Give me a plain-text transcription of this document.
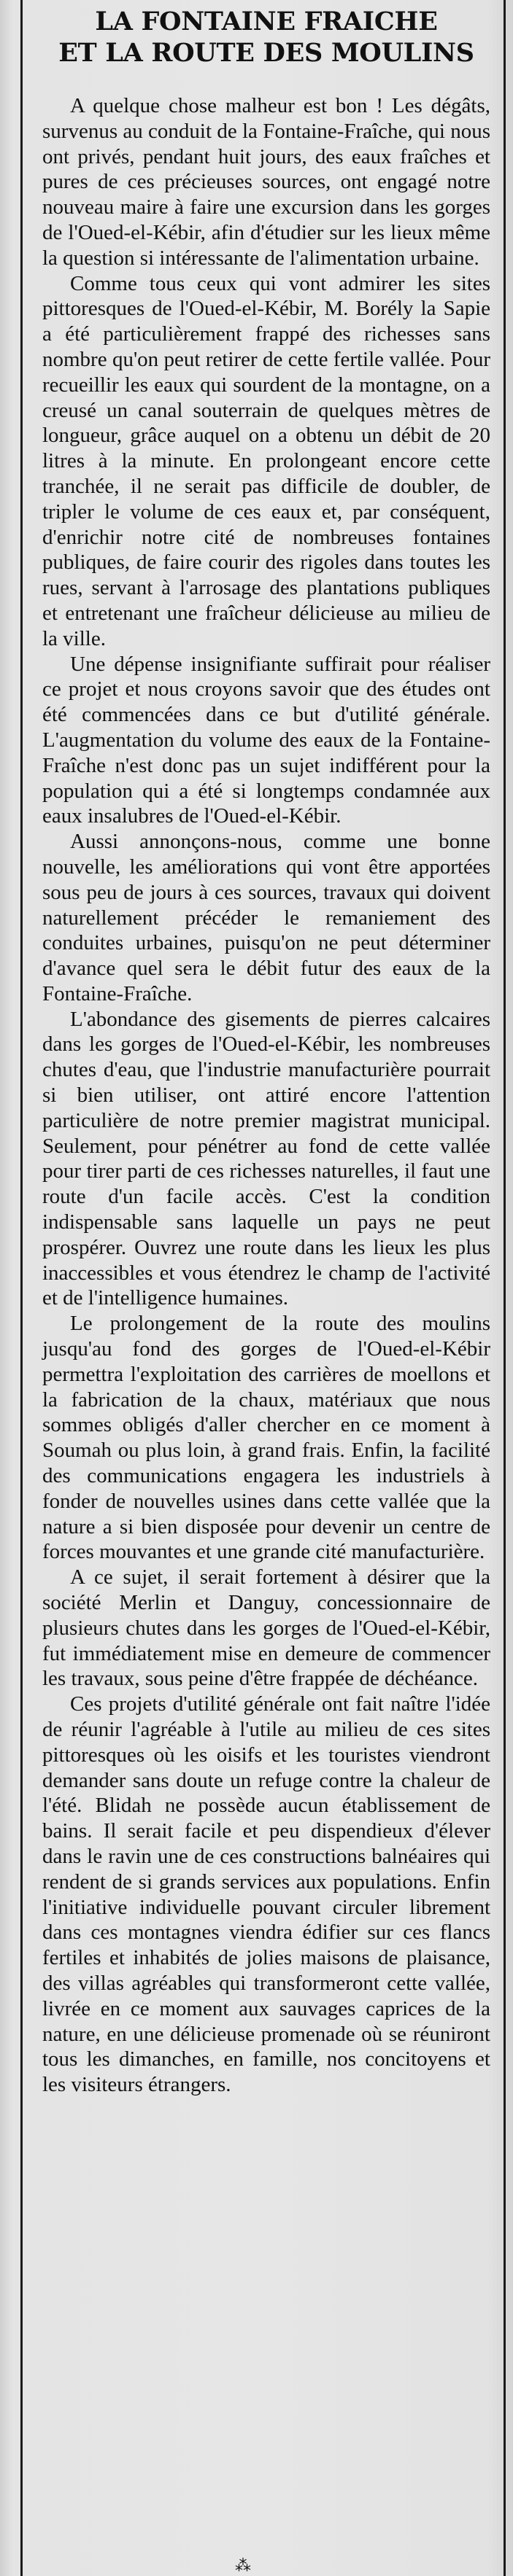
LA FONTAINE FRAICHE
ET LA ROUTE DES MOULINS

A quelque chose malheur est bon ! Les dégâts, survenus au conduit de la Fontaine-Fraîche, qui nous ont privés, pendant huit jours, des eaux fraîches et pures de ces précieuses sources, ont engagé notre nouveau maire à faire une excursion dans les gorges de l'Oued-el-Kébir, afin d'étudier sur les lieux même la question si intéressante de l'alimentation urbaine.

Comme tous ceux qui vont admirer les sites pittoresques de l'Oued-el-Kébir, M. Borély la Sapie a été particulièrement frappé des richesses sans nombre qu'on peut retirer de cette fertile vallée. Pour recueillir les eaux qui sourdent de la montagne, on a creusé un canal souterrain de quelques mètres de longueur, grâce auquel on a obtenu un débit de 20 litres à la minute. En prolongeant encore cette tranchée, il ne serait pas difficile de doubler, de tripler le volume de ces eaux et, par conséquent, d'enrichir notre cité de nombreuses fontaines publiques, de faire courir des rigoles dans toutes les rues, servant à l'arrosage des plantations publiques et entretenant une fraîcheur délicieuse au milieu de la ville.

Une dépense insignifiante suffirait pour réaliser ce projet et nous croyons savoir que des études ont été commencées dans ce but d'utilité générale. L'augmentation du volume des eaux de la Fontaine-Fraîche n'est donc pas un sujet indifférent pour la population qui a été si longtemps condamnée aux eaux insalubres de l'Oued-el-Kébir.

Aussi annonçons-nous, comme une bonne nouvelle, les améliorations qui vont être apportées sous peu de jours à ces sources, travaux qui doivent naturellement précéder le remaniement des conduites urbaines, puisqu'on ne peut déterminer d'avance quel sera le débit futur des eaux de la Fontaine-Fraîche.

L'abondance des gisements de pierres calcaires dans les gorges de l'Oued-el-Kébir, les nombreuses chutes d'eau, que l'industrie manufacturière pourrait si bien utiliser, ont attiré encore l'attention particulière de notre premier magistrat municipal. Seulement, pour pénétrer au fond de cette vallée pour tirer parti de ces richesses naturelles, il faut une route d'un facile accès. C'est la condition indispensable sans laquelle un pays ne peut prospérer. Ouvrez une route dans les lieux les plus inaccessibles et vous étendrez le champ de l'activité et de l'intelligence humaines.

Le prolongement de la route des moulins jusqu'au fond des gorges de l'Oued-el-Kébir permettra l'exploitation des carrières de moellons et la fabrication de la chaux, matériaux que nous sommes obligés d'aller chercher en ce moment à Soumah ou plus loin, à grand frais. Enfin, la facilité des communications engagera les industriels à fonder de nouvelles usines dans cette vallée que la nature a si bien disposée pour devenir un centre de forces mouvantes et une grande cité manufacturière.

A ce sujet, il serait fortement à désirer que la société Merlin et Danguy, concessionnaire de plusieurs chutes dans les gorges de l'Oued-el-Kébir, fut immédiatement mise en demeure de commencer les travaux, sous peine d'être frappée de déchéance.

Ces projets d'utilité générale ont fait naître l'idée de réunir l'agréable à l'utile au milieu de ces sites pittoresques où les oisifs et les touristes viendront demander sans doute un refuge contre la chaleur de l'été. Blidah ne possède aucun établissement de bains. Il serait facile et peu dispendieux d'élever dans le ravin une de ces constructions balnéaires qui rendent de si grands services aux populations. Enfin l'initiative individuelle pouvant circuler librement dans ces montagnes viendra édifier sur ces flancs fertiles et inhabités de jolies maisons de plaisance, des villas agréables qui transformeront cette vallée, livrée en ce moment aux sauvages caprices de la nature, en une délicieuse promenade où se réuniront tous les dimanches, en famille, nos concitoyens et les visiteurs étrangers.

⁂
